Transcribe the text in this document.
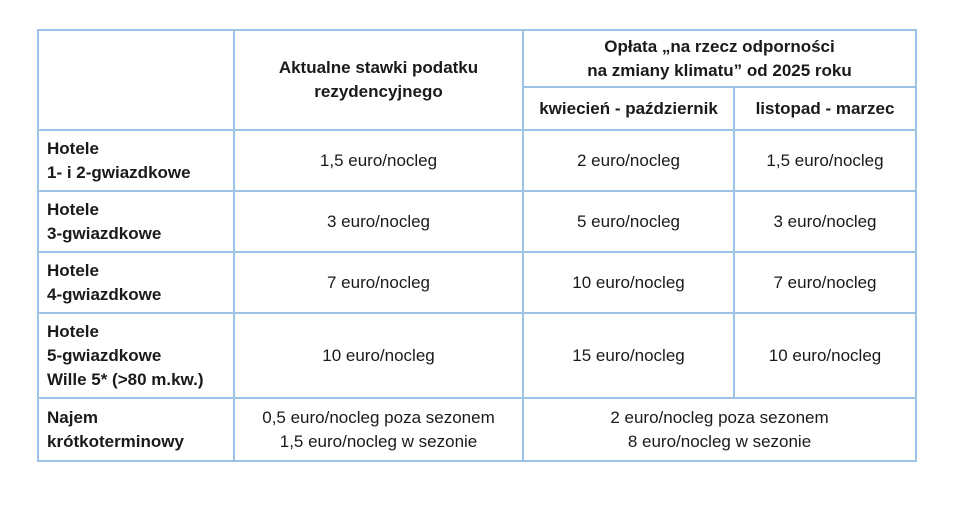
	Aktualne stawki podatku
rezydencyjnego	Opłata „na rzecz odporności
na zmiany klimatu” od 2025 roku	

		kwiecień - październik	listopad - marzec

Hotele
1- i 2-gwiazdkowe	1,5 euro/nocleg	2 euro/nocleg	1,5 euro/nocleg

Hotele
3-gwiazdkowe	3 euro/nocleg	5 euro/nocleg	3 euro/nocleg

Hotele
4-gwiazdkowe	7 euro/nocleg	10 euro/nocleg	7 euro/nocleg

Hotele
5-gwiazdkowe
Wille 5* (>80 m.kw.)	10 euro/nocleg	15 euro/nocleg	10 euro/nocleg

Najem
krótkoterminowy	0,5 euro/nocleg poza sezonem
1,5 euro/nocleg w sezonie	2 euro/nocleg poza sezonem
8 euro/nocleg w sezonie	
